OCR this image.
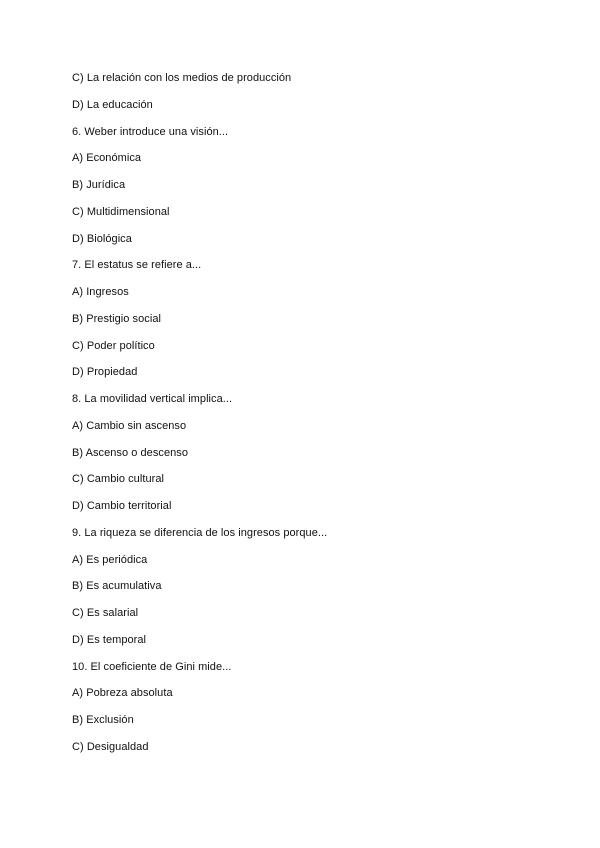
C) La relación con los medios de producción
D) La educación
6. Weber introduce una visión...
A) Económica
B) Jurídica
C) Multidimensional
D) Biológica
7. El estatus se refiere a...
A) Ingresos
B) Prestigio social
C) Poder político
D) Propiedad
8. La movilidad vertical implica...
A) Cambio sin ascenso
B) Ascenso o descenso
C) Cambio cultural
D) Cambio territorial
9. La riqueza se diferencia de los ingresos porque...
A) Es periódica
B) Es acumulativa
C) Es salarial
D) Es temporal
10. El coeficiente de Gini mide...
A) Pobreza absoluta
B) Exclusión
C) Desigualdad
